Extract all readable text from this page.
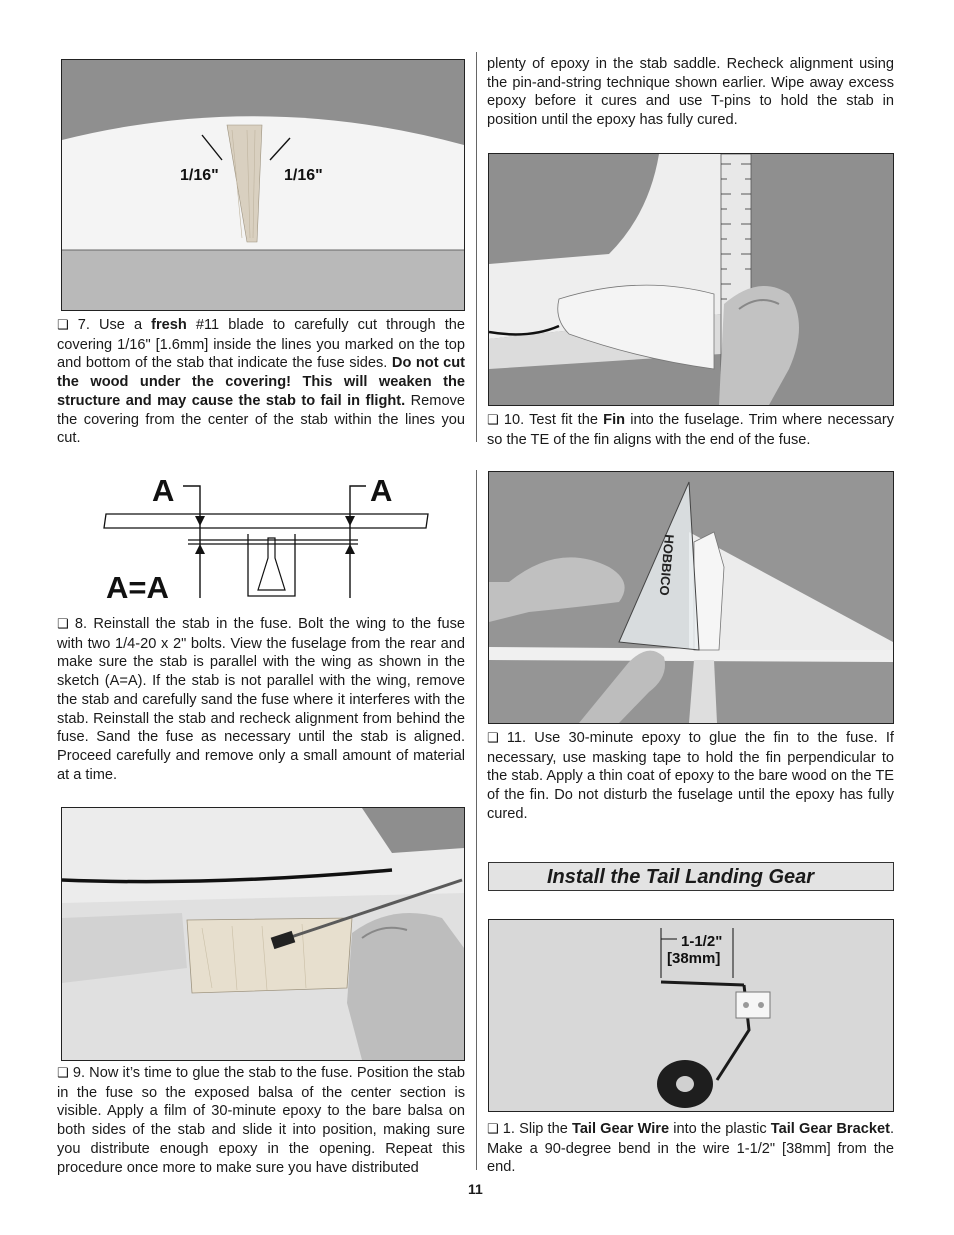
1/16"	1/16"

❑ 7. Use a fresh #11 blade to carefully cut through the covering 1/16" [1.6mm] inside the lines you marked on the top and bottom of the stab that indicate the fuse sides. Do not cut the wood under the covering! This will weaken the structure and may cause the stab to fail in flight. Remove the covering from the center of the stab within the lines you cut.

A	A
A=A

❑ 8. Reinstall the stab in the fuse. Bolt the wing to the fuse with two 1/4-20 x 2" bolts. View the fuselage from the rear and make sure the stab is parallel with the wing as shown in the sketch (A=A). If the stab is not parallel with the wing, remove the stab and carefully sand the fuse where it interferes with the stab. Reinstall the stab and recheck alignment from behind the fuse. Sand the fuse as necessary until the stab is aligned. Proceed carefully and remove only a small amount of material at a time.

❑ 9. Now it’s time to glue the stab to the fuse. Position the stab in the fuse so the exposed balsa of the center section is visible. Apply a film of 30-minute epoxy to the bare balsa on both sides of the stab and slide it into position, making sure you distribute enough epoxy in the opening. Repeat this procedure once more to make sure you have distributed

plenty of epoxy in the stab saddle. Recheck alignment using the pin-and-string technique shown earlier. Wipe away excess epoxy before it cures and use T-pins to hold the stab in position until the epoxy has fully cured.

❑ 10. Test fit the Fin into the fuselage. Trim where necessary so the TE of the fin aligns with the end of the fuse.

HOBBICO

❑ 11. Use 30-minute epoxy to glue the fin to the fuse. If necessary, use masking tape to hold the fin perpendicular to the stab. Apply a thin coat of epoxy to the bare wood on the TE of the fin. Do not disturb the fuselage until the epoxy has fully cured.

Install the Tail Landing Gear
1-1/2"
[38mm]

❑ 1. Slip the Tail Gear Wire into the plastic Tail Gear Bracket. Make a 90-degree bend in the wire 1-1/2" [38mm] from the end.

11
